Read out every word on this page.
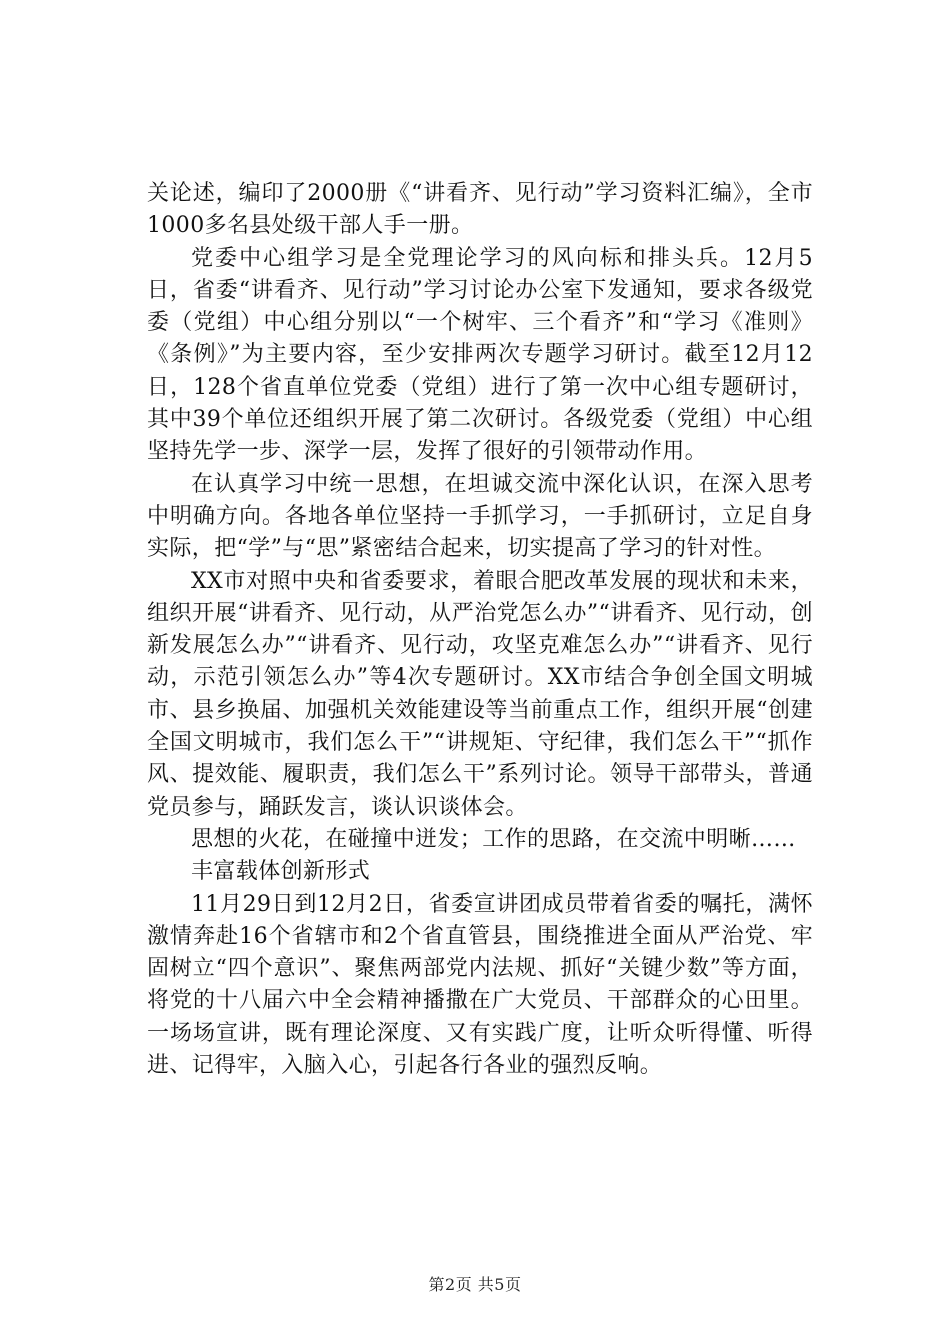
关论述，编印了2000册《“讲看齐、见行动”学习资料汇编》，全市1000多名县处级干部人手一册。

党委中心组学习是全党理论学习的风向标和排头兵。12月5日，省委“讲看齐、见行动”学习讨论办公室下发通知，要求各级党委（党组）中心组分别以“一个树牢、三个看齐”和“学习《准则》《条例》”为主要内容，至少安排两次专题学习研讨。截至12月12日，128个省直单位党委（党组）进行了第一次中心组专题研讨，其中39个单位还组织开展了第二次研讨。各级党委（党组）中心组坚持先学一步、深学一层，发挥了很好的引领带动作用。

在认真学习中统一思想，在坦诚交流中深化认识，在深入思考中明确方向。各地各单位坚持一手抓学习，一手抓研讨，立足自身实际，把“学”与“思”紧密结合起来，切实提高了学习的针对性。

XX市对照中央和省委要求，着眼合肥改革发展的现状和未来，组织开展“讲看齐、见行动，从严治党怎么办”“讲看齐、见行动，创新发展怎么办”“讲看齐、见行动，攻坚克难怎么办”“讲看齐、见行动，示范引领怎么办”等4次专题研讨。XX市结合争创全国文明城市、县乡换届、加强机关效能建设等当前重点工作，组织开展“创建全国文明城市，我们怎么干”“讲规矩、守纪律，我们怎么干”“抓作风、提效能、履职责，我们怎么干”系列讨论。领导干部带头，普通党员参与，踊跃发言，谈认识谈体会。

思想的火花，在碰撞中迸发；工作的思路，在交流中明晰……

丰富载体创新形式

11月29日到12月2日，省委宣讲团成员带着省委的嘱托，满怀激情奔赴16个省辖市和2个省直管县，围绕推进全面从严治党、牢固树立“四个意识”、聚焦两部党内法规、抓好“关键少数”等方面，将党的十八届六中全会精神播撒在广大党员、干部群众的心田里。一场场宣讲，既有理论深度、又有实践广度，让听众听得懂、听得进、记得牢，入脑入心，引起各行各业的强烈反响。

第2页 共5页
